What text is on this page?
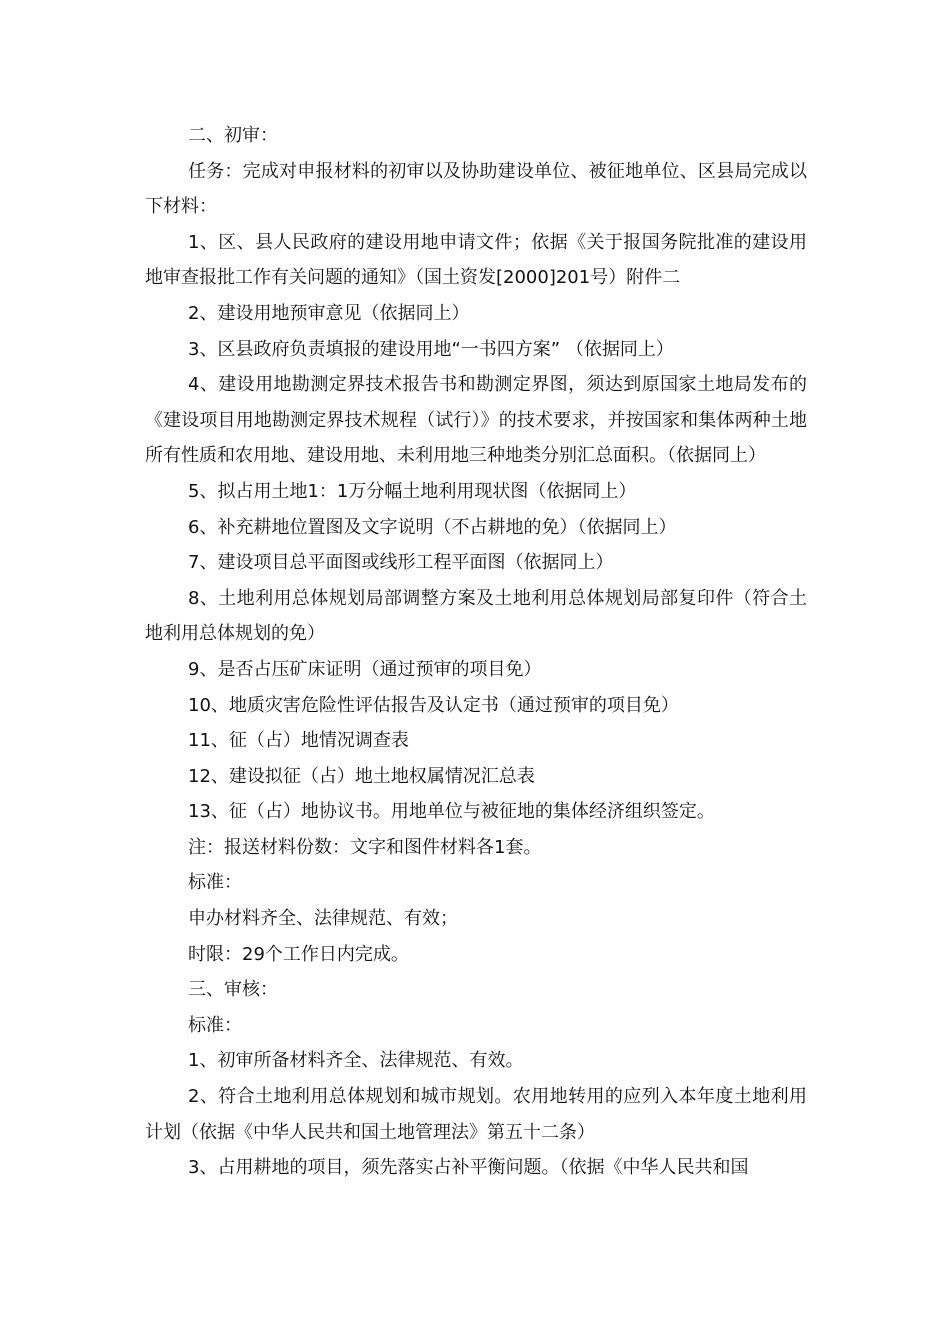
二、初审：

任务：完成对申报材料的初审以及协助建设单位、被征地单位、区县局完成以下材料：

1、区、县人民政府的建设用地申请文件；依据《关于报国务院批准的建设用地审查报批工作有关问题的通知》（国土资发[2000]201号）附件二

2、建设用地预审意见（依据同上）

3、区县政府负责填报的建设用地“一书四方案” （依据同上）

4、建设用地勘测定界技术报告书和勘测定界图，须达到原国家土地局发布的《建设项目用地勘测定界技术规程（试行）》的技术要求，并按国家和集体两种土地所有性质和农用地、建设用地、未利用地三种地类分别汇总面积。（依据同上）

5、拟占用土地1：1万分幅土地利用现状图（依据同上）

6、补充耕地位置图及文字说明（不占耕地的免）（依据同上）

7、建设项目总平面图或线形工程平面图（依据同上）

8、土地利用总体规划局部调整方案及土地利用总体规划局部复印件（符合土地利用总体规划的免）

9、是否占压矿床证明（通过预审的项目免）

10、地质灾害危险性评估报告及认定书（通过预审的项目免）

11、征（占）地情况调查表

12、建设拟征（占）地土地权属情况汇总表

13、征（占）地协议书。用地单位与被征地的集体经济组织签定。

注：报送材料份数：文字和图件材料各1套。

标准：

申办材料齐全、法律规范、有效；

时限：29个工作日内完成。

三、审核：

标准：

1、初审所备材料齐全、法律规范、有效。

2、符合土地利用总体规划和城市规划。农用地转用的应列入本年度土地利用计划（依据《中华人民共和国土地管理法》第五十二条）

3、占用耕地的项目，须先落实占补平衡问题。（依据《中华人民共和国
